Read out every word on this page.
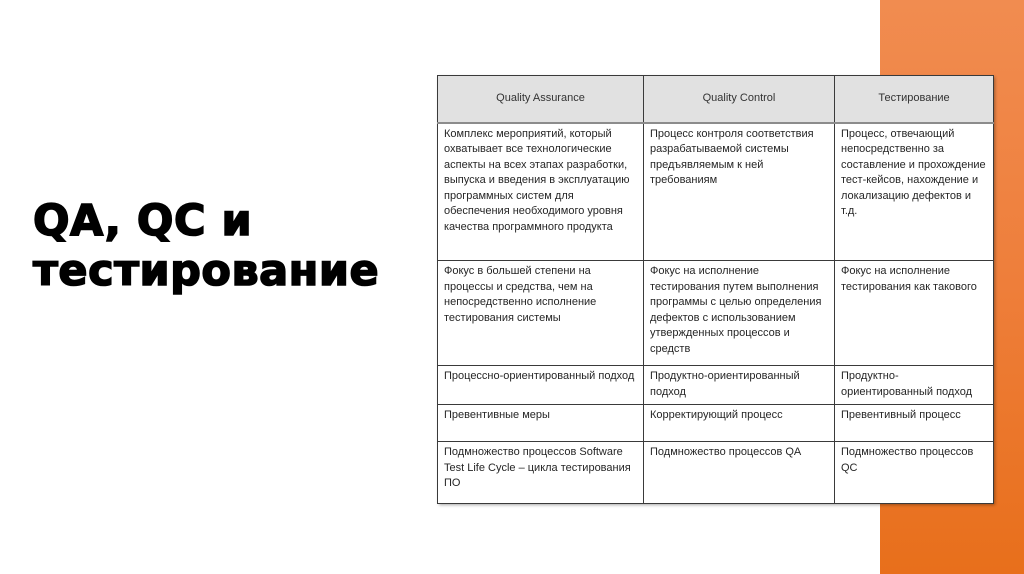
QA, QC и
тестирование
Quality Assurance	Quality Control	Тестирование
Комплекс мероприятий, который охватывает все технологические аспекты на всех этапах разработки, выпуска и введения в эксплуатацию программных систем для обеспечения необходимого уровня качества программного продукта	Процесс контроля соответствия разрабатываемой системы предъявляемым к ней требованиям	Процесс, отвечающий непосредственно за составление и прохождение тест-кейсов, нахождение и локализацию дефектов и т.д.
Фокус в большей степени на процессы и средства, чем на непосредственно исполнение тестирования системы	Фокус на исполнение тестирования путем выполнения программы с целью определения дефектов с использованием утвержденных процессов и средств	Фокус на исполнение тестирования как такового
Процессно-ориентированный подход	Продуктно-ориентированный подход	Продуктно-ориентированный подход
Превентивные меры	Корректирующий процесс	Превентивный процесс
Подмножество процессов Software Test Life Cycle – цикла тестирования ПО	Подмножество процессов QA	Подмножество процессов QC
